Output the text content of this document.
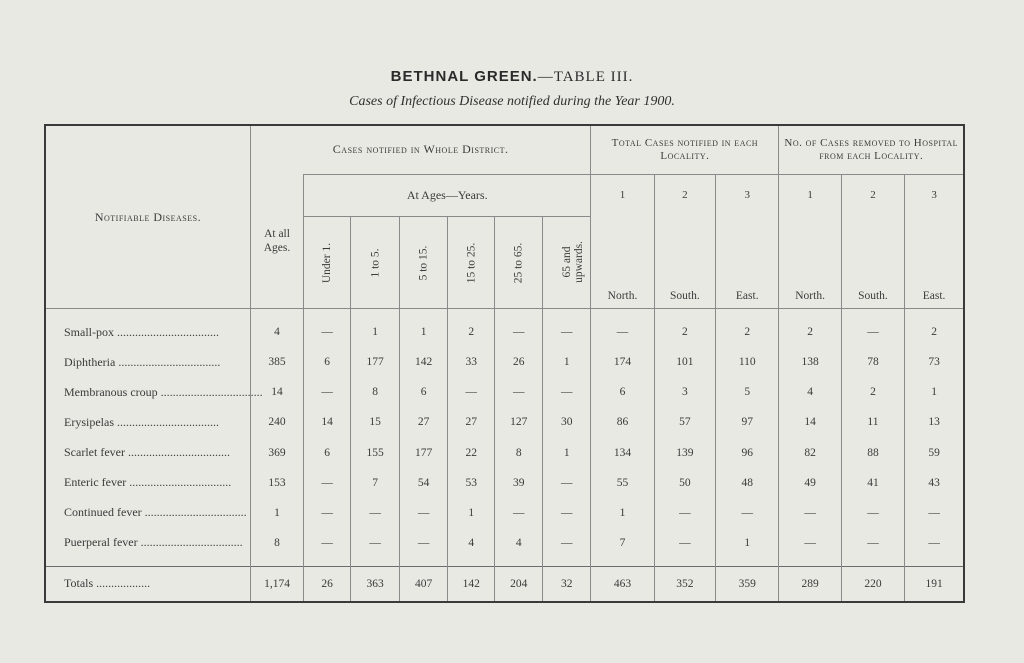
BETHNAL GREEN.—TABLE III.
Cases of Infectious Disease notified during the Year 1900.
Notifiable Diseases.	Cases notified in Whole District.							Total Cases notified in each Locality.			No. of Cases removed to Hospital from each Locality.		
	At all Ages.	At Ages—Years.						1	2	3	1	2	3
		Under 1.	1 to 5.	5 to 15.	15 to 25.	25 to 65.	65 and upwards.	North.	South.	East.	North.	South.	East.

Small-pox ..................................	4	—	1	1	2	—	—	—	2	2	2	—	2
Diphtheria ..................................	385	6	177	142	33	26	1	174	101	110	138	78	73
Membranous croup ..................................	14	—	8	6	—	—	—	6	3	5	4	2	1
Erysipelas ..................................	240	14	15	27	27	127	30	86	57	97	14	11	13
Scarlet fever ..................................	369	6	155	177	22	8	1	134	139	96	82	88	59
Enteric fever ..................................	153	—	7	54	53	39	—	55	50	48	49	41	43
Continued fever ..................................	1	—	—	—	1	—	—	1	—	—	—	—	—
Puerperal fever ..................................	8	—	—	—	4	4	—	7	—	1	—	—	—

Totals ..................	1,174	26	363	407	142	204	32	463	352	359	289	220	191
